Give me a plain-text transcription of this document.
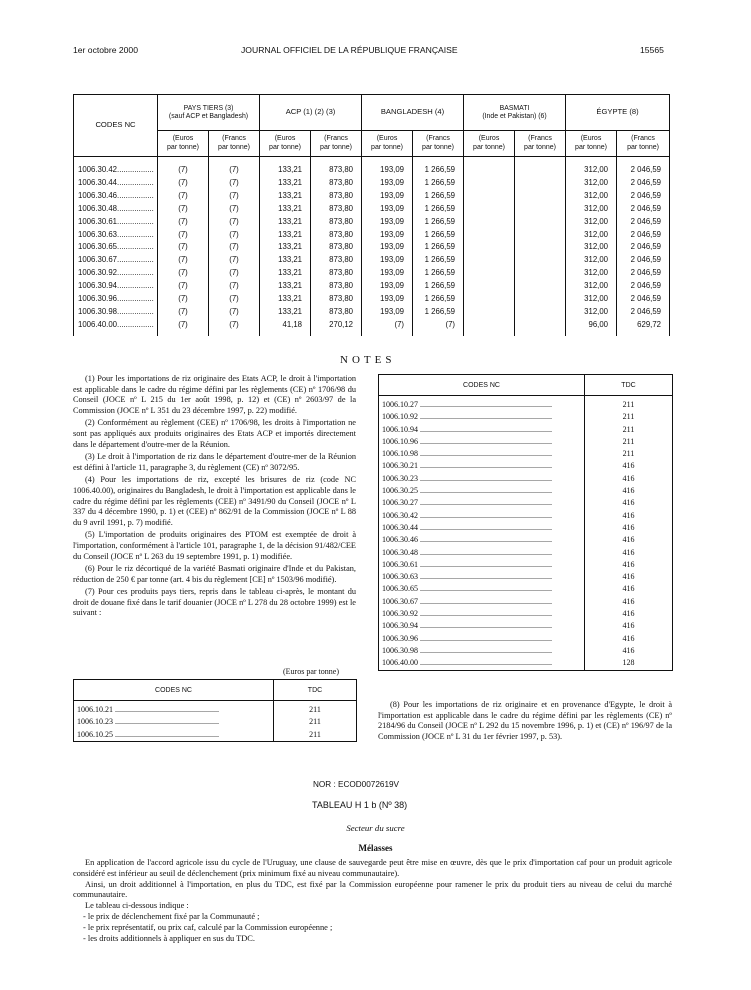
1er octobre 2000	JOURNAL OFFICIEL DE LA RÉPUBLIQUE FRANÇAISE	15565
CODES NC	PAYS TIERS (3)
(sauf ACP et Bangladesh)		ACP (1) (2) (3)		BANGLADESH (4)		BASMATI
(Inde et Pakistan) (6)		ÉGYPTE (8)	
	(Euros
par tonne)	(Francs
par tonne)	(Euros
par tonne)	(Francs
par tonne)	(Euros
par tonne)	(Francs
par tonne)	(Euros
par tonne)	(Francs
par tonne)	(Euros
par tonne)	(Francs
par tonne)
1006.30.42.................	(7)	(7)	133,21	873,80	193,09	1 266,59			312,00	2 046,59
1006.30.44.................	(7)	(7)	133,21	873,80	193,09	1 266,59			312,00	2 046,59
1006.30.46.................	(7)	(7)	133,21	873,80	193,09	1 266,59			312,00	2 046,59
1006.30.48.................	(7)	(7)	133,21	873,80	193,09	1 266,59			312,00	2 046,59
1006.30.61.................	(7)	(7)	133,21	873,80	193,09	1 266,59			312,00	2 046,59
1006.30.63.................	(7)	(7)	133,21	873,80	193,09	1 266,59			312,00	2 046,59
1006.30.65.................	(7)	(7)	133,21	873,80	193,09	1 266,59			312,00	2 046,59
1006.30.67.................	(7)	(7)	133,21	873,80	193,09	1 266,59			312,00	2 046,59
1006.30.92.................	(7)	(7)	133,21	873,80	193,09	1 266,59			312,00	2 046,59
1006.30.94.................	(7)	(7)	133,21	873,80	193,09	1 266,59			312,00	2 046,59
1006.30.96.................	(7)	(7)	133,21	873,80	193,09	1 266,59			312,00	2 046,59
1006.30.98.................	(7)	(7)	133,21	873,80	193,09	1 266,59			312,00	2 046,59
1006.40.00.................	(7)	(7)	41,18	270,12	(7)	(7)			96,00	629,72
NOTES

(1) Pour les importations de riz originaire des Etats ACP, le droit à l'importation est applicable dans le cadre du régime défini par les règlements (CE) nº 1706/98 du Conseil (JOCE nº L 215 du 1er août 1998, p. 12) et (CE) nº 2603/97 de la Commission (JOCE nº L 351 du 23 décembre 1997, p. 22) modifié.

(2) Conformément au règlement (CEE) nº 1706/98, les droits à l'importation ne sont pas appliqués aux produits originaires des Etats ACP et importés directement dans le département d'outre-mer de la Réunion.

(3) Le droit à l'importation de riz dans le département d'outre-mer de la Réunion est défini à l'article 11, paragraphe 3, du règlement (CE) nº 3072/95.

(4) Pour les importations de riz, excepté les brisures de riz (code NC 1006.40.00), originaires du Bangladesh, le droit à l'importation est applicable dans le cadre du régime défini par les règlements (CEE) nº 3491/90 du Conseil (JOCE nº L 337 du 4 décembre 1990, p. 1) et (CEE) nº 862/91 de la Commission (JOCE nº L 88 du 9 avril 1991, p. 7) modifié.

(5) L'importation de produits originaires des PTOM est exemptée de droit à l'importation, conformément à l'article 101, paragraphe 1, de la décision 91/482/CEE du Conseil (JOCE nº L 263 du 19 septembre 1991, p. 1) modifiée.

(6) Pour le riz décortiqué de la variété Basmati originaire d'Inde et du Pakistan, réduction de 250 € par tonne (art. 4 bis du règlement [CE] nº 1503/96 modifié).

(7) Pour ces produits pays tiers, repris dans le tableau ci-après, le montant du droit de douane fixé dans le tarif douanier (JOCE nº L 278 du 28 octobre 1999) est le suivant :

(Euros par tonne)
CODES NC	TDC
1006.10.21 ....................................................	211
1006.10.23 ....................................................	211
1006.10.25 ....................................................	211
CODES NC	TDC
1006.10.27 ..................................................................	211
1006.10.92 ..................................................................	211
1006.10.94 ..................................................................	211
1006.10.96 ..................................................................	211
1006.10.98 ..................................................................	211
1006.30.21 ..................................................................	416
1006.30.23 ..................................................................	416
1006.30.25 ..................................................................	416
1006.30.27 ..................................................................	416
1006.30.42 ..................................................................	416
1006.30.44 ..................................................................	416
1006.30.46 ..................................................................	416
1006.30.48 ..................................................................	416
1006.30.61 ..................................................................	416
1006.30.63 ..................................................................	416
1006.30.65 ..................................................................	416
1006.30.67 ..................................................................	416
1006.30.92 ..................................................................	416
1006.30.94 ..................................................................	416
1006.30.96 ..................................................................	416
1006.30.98 ..................................................................	416
1006.40.00 ..................................................................	128
(8) Pour les importations de riz originaire et en provenance d'Egypte, le droit à l'importation est applicable dans le cadre du régime défini par les règlements (CE) nº 2184/96 du Conseil (JOCE nº L 292 du 15 novembre 1996, p. 1) et (CE) nº 196/97 de la Commission (JOCE nº L 31 du 1er février 1997, p. 53).
NOR : ECOD0072619V
TABLEAU H 1 b (Nº 38)
Secteur du sucre
Mélasses

En application de l'accord agricole issu du cycle de l'Uruguay, une clause de sauvegarde peut être mise en œuvre, dès que le prix d'importation caf pour un produit agricole considéré est inférieur au seuil de déclenchement (prix minimum fixé au niveau communautaire).

Ainsi, un droit additionnel à l'importation, en plus du TDC, est fixé par la Commission européenne pour ramener le prix du produit tiers au niveau de celui du marché communautaire.

Le tableau ci-dessous indique :

- le prix de déclenchement fixé par la Communauté ;

- le prix représentatif, ou prix caf, calculé par la Commission européenne ;

- les droits additionnels à appliquer en sus du TDC.
